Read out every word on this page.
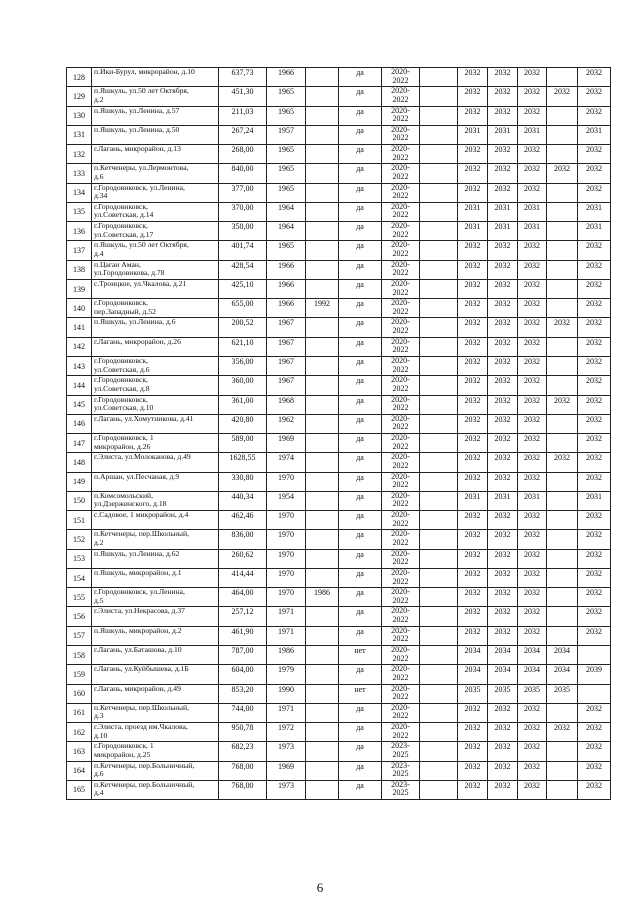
128	п.Ики-Бурул, микрорайон, д.10	637,73	1966		да	2020-
2022		2032	2032	2032		2032
129	п.Яшкуль, ул.50 лет Октября,
д.2	451,30	1965		да	2020-
2022		2032	2032	2032	2032	2032
130	п.Яшкуль, ул.Ленина, д.57	211,03	1965		да	2020-
2022		2032	2032	2032		2032
131	п.Яшкуль, ул.Ленина, д.50	267,24	1957		да	2020-
2022		2031	2031	2031		2031
132	г.Лагань, микрорайон, д.13	268,00	1965		да	2020-
2022		2032	2032	2032		2032
133	п.Кетченеры, ул.Лермонтова,
д.6	840,00	1965		да	2020-
2022		2032	2032	2032	2032	2032
134	г.Городовиковск, ул.Ленина,
д.34	377,00	1965		да	2020-
2022		2032	2032	2032		2032
135	г.Городовиковск,
ул.Советская, д.14	370,00	1964		да	2020-
2022		2031	2031	2031		2031
136	г.Городовиковск,
ул.Советская, д.17	350,00	1964		да	2020-
2022		2031	2031	2031		2031
137	п.Яшкуль, ул.50 лет Октября,
д.4	401,74	1965		да	2020-
2022		2032	2032	2032		2032
138	п.Цаган Аман,
ул.Городовикова, д.78	428,54	1966		да	2020-
2022		2032	2032	2032		2032
139	с.Троицкое, ул.Чкалова, д.21	425,10	1966		да	2020-
2022		2032	2032	2032		2032
140	г.Городовиковск,
пер.Западный, д.52	655,00	1966	1992	да	2020-
2022		2032	2032	2032		2032
141	п.Яшкуль, ул.Ленина, д.6	200,52	1967		да	2020-
2022		2032	2032	2032	2032	2032
142	г.Лагань, микрорайон, д.26	621,10	1967		да	2020-
2022		2032	2032	2032		2032
143	г.Городовиковск,
ул.Советская, д.6	356,00	1967		да	2020-
2022		2032	2032	2032		2032
144	г.Городовиковск,
ул.Советская, д.8	360,00	1967		да	2020-
2022		2032	2032	2032		2032
145	г.Городовиковск,
ул.Советская, д.10	361,00	1968		да	2020-
2022		2032	2032	2032	2032	2032
146	г.Лагань, ул.Хомутникова, д.41	420,80	1962		да	2020-
2022		2032	2032	2032		2032
147	г.Городовиковск, 1
микрорайон, д.26	589,00	1969		да	2020-
2022		2032	2032	2032		2032
148	г.Элиста, ул.Молоканова, д.49	1628,55	1974		да	2020-
2022		2032	2032	2032	2032	2032
149	п.Аршан, ул.Песчаная, д.9	330,80	1970		да	2020-
2022		2032	2032	2032		2032
150	п.Комсомольский,
ул.Дзержинского, д.18	440,34	1954		да	2020-
2022		2031	2031	2031		2031
151	с.Садовое, 1 микрорайон, д.4	462,46	1970		да	2020-
2022		2032	2032	2032		2032
152	п.Кетченеры, пер.Школьный,
д.2	836,00	1970		да	2020-
2022		2032	2032	2032		2032
153	п.Яшкуль, ул.Ленина, д.62	260,62	1970		да	2020-
2022		2032	2032	2032		2032
154	п.Яшкуль, микрорайон, д.1	414,44	1970		да	2020-
2022		2032	2032	2032		2032
155	г.Городовиковск, ул.Ленина,
д.5	464,00	1970	1986	да	2020-
2022		2032	2032	2032		2032
156	г.Элиста, ул.Некрасова, д.37	257,12	1971		да	2020-
2022		2032	2032	2032		2032
157	п.Яшкуль, микрорайон, д.2	461,90	1971		да	2020-
2022		2032	2032	2032		2032
158	г.Лагань, ул.Баташова, д.10	787,00	1986		нет	2020-
2022		2034	2034	2034	2034	
159	г.Лагань, ул.Куйбышева, д.1Б	604,00	1979		да	2020-
2022		2034	2034	2034	2034	2039
160	г.Лагань, микрорайон, д.49	853,20	1990		нет	2020-
2022		2035	2035	2035	2035	
161	п.Кетченеры, пер.Школьный,
д.3	744,00	1971		да	2020-
2022		2032	2032	2032		2032
162	г.Элиста, проезд им.Чкалова,
д.10	950,78	1972		да	2020-
2022		2032	2032	2032	2032	2032
163	г.Городовиковск, 1
микрорайон, д.25	682,23	1973		да	2023-
2025		2032	2032	2032		2032
164	п.Кетченеры, пер.Больничный,
д.6	768,00	1969		да	2023-
2025		2032	2032	2032		2032
165	п.Кетченеры, пер.Больничный,
д.4	768,00	1973		да	2023-
2025		2032	2032	2032		2032
6
